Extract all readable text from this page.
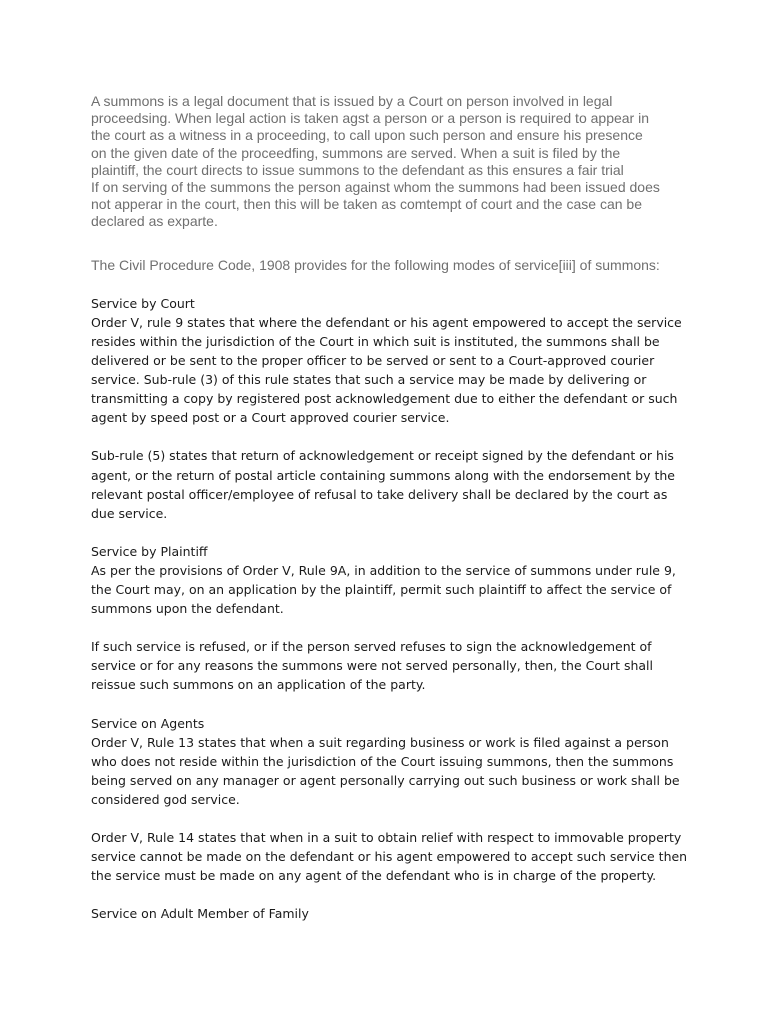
A summons is a legal document that is issued by a Court on person involved in legal
proceedsing. When legal action is taken agst a person or a person is required to appear in
the court as a witness in a proceeding, to call upon such person and ensure his presence
on the given date of the proceedfing, summons are served. When a suit is filed by the
plaintiff, the court directs to issue summons to the defendant as this ensures a fair trial
If on serving of the summons the person against whom the summons had been issued does
not apperar in the court, then this will be taken as comtempt of court and the case can be
declared as exparte.

The Civil Procedure Code, 1908 provides for the following modes of service[iii] of summons:

Service by Court
Order V, rule 9 states that where the defendant or his agent empowered to accept the service
resides within the jurisdiction of the Court in which suit is instituted, the summons shall be
delivered or be sent to the proper officer to be served or sent to a Court-approved courier
service. Sub-rule (3) of this rule states that such a service may be made by delivering or
transmitting a copy by registered post acknowledgement due to either the defendant or such
agent by speed post or a Court approved courier service.
Sub-rule (5) states that return of acknowledgement or receipt signed by the defendant or his
agent, or the return of postal article containing summons along with the endorsement by the
relevant postal officer/employee of refusal to take delivery shall be declared by the court as
due service.
Service by Plaintiff
As per the provisions of Order V, Rule 9A, in addition to the service of summons under rule 9,
the Court may, on an application by the plaintiff, permit such plaintiff to affect the service of
summons upon the defendant.
If such service is refused, or if the person served refuses to sign the acknowledgement of
service or for any reasons the summons were not served personally, then, the Court shall
reissue such summons on an application of the party.
Service on Agents
Order V, Rule 13 states that when a suit regarding business or work is filed against a person
who does not reside within the jurisdiction of the Court issuing summons, then the summons
being served on any manager or agent personally carrying out such business or work shall be
considered god service.
Order V, Rule 14 states that when in a suit to obtain relief with respect to immovable property
service cannot be made on the defendant or his agent empowered to accept such service then
the service must be made on any agent of the defendant who is in charge of the property.
Service on Adult Member of Family
